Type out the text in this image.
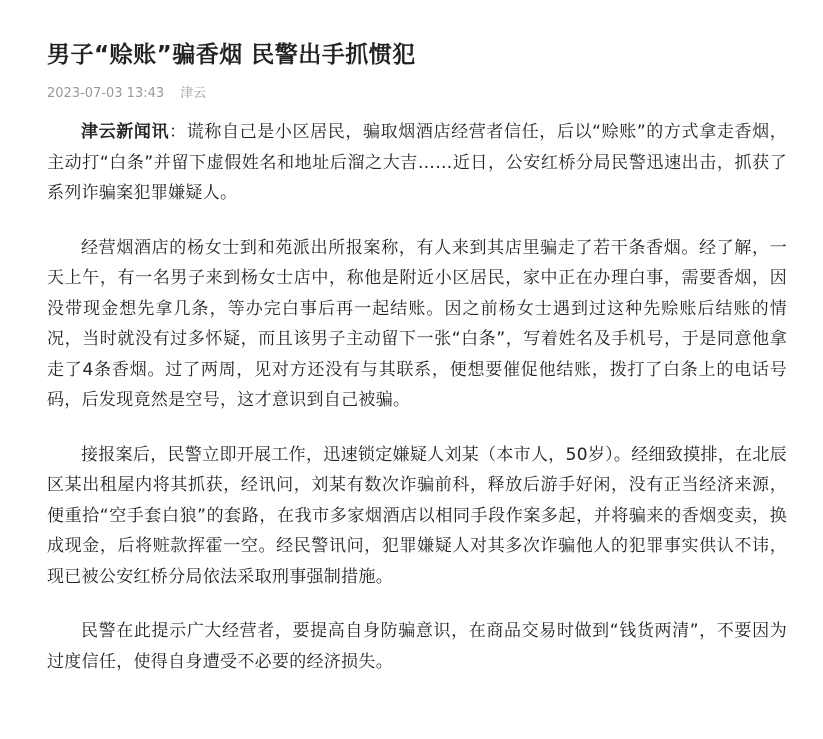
男子“赊账”骗香烟 民警出手抓惯犯
2023-07-03 13:43 津云

津云新闻讯：谎称自己是小区居民，骗取烟酒店经营者信任，后以“赊账”的方式拿走香烟，主动打“白条”并留下虚假姓名和地址后溜之大吉……近日，公安红桥分局民警迅速出击，抓获了系列诈骗案犯罪嫌疑人。

经营烟酒店的杨女士到和苑派出所报案称，有人来到其店里骗走了若干条香烟。经了解，一天上午，有一名男子来到杨女士店中，称他是附近小区居民，家中正在办理白事，需要香烟，因没带现金想先拿几条，等办完白事后再一起结账。因之前杨女士遇到过这种先赊账后结账的情况，当时就没有过多怀疑，而且该男子主动留下一张“白条”，写着姓名及手机号，于是同意他拿走了4条香烟。过了两周，见对方还没有与其联系，便想要催促他结账，拨打了白条上的电话号码，后发现竟然是空号，这才意识到自己被骗。

接报案后，民警立即开展工作，迅速锁定嫌疑人刘某（本市人，50岁）。经细致摸排，在北辰区某出租屋内将其抓获，经讯问，刘某有数次诈骗前科，释放后游手好闲，没有正当经济来源，便重拾“空手套白狼”的套路，在我市多家烟酒店以相同手段作案多起，并将骗来的香烟变卖，换成现金，后将赃款挥霍一空。经民警讯问，犯罪嫌疑人对其多次诈骗他人的犯罪事实供认不讳，现已被公安红桥分局依法采取刑事强制措施。

民警在此提示广大经营者，要提高自身防骗意识，在商品交易时做到“钱货两清”，不要因为过度信任，使得自身遭受不必要的经济损失。
